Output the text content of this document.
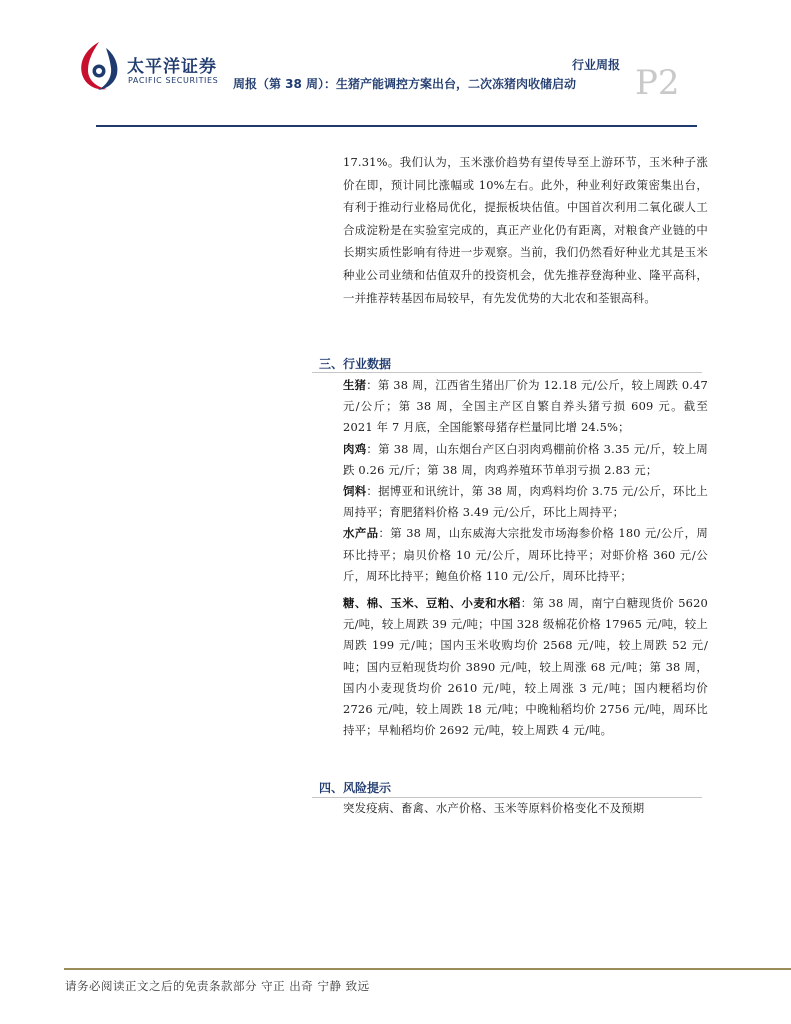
太平洋证券
PACIFIC SECURITIES
行业周报
周报（第 38 周）：生猪产能调控方案出台，二次冻猪肉收储启动 P2
17.31%。我们认为，玉米涨价趋势有望传导至上游环节，玉米种子涨价在即，预计同比涨幅或 10%左右。此外，种业利好政策密集出台，有利于推动行业格局优化，提振板块估值。中国首次利用二氧化碳人工合成淀粉是在实验室完成的，真正产业化仍有距离，对粮食产业链的中长期实质性影响有待进一步观察。当前，我们仍然看好种业尤其是玉米种业公司业绩和估值双升的投资机会，优先推荐登海种业、隆平高科，一并推荐转基因布局较早，有先发优势的大北农和荃银高科。
三、行业数据

生猪：第 38 周，江西省生猪出厂价为 12.18 元/公斤，较上周跌 0.47 元/公斤；第 38 周，全国主产区自繁自养头猪亏损 609 元。截至 2021 年 7 月底，全国能繁母猪存栏量同比增 24.5%；

肉鸡：第 38 周，山东烟台产区白羽肉鸡棚前价格 3.35 元/斤，较上周跌 0.26 元/斤；第 38 周，肉鸡养殖环节单羽亏损 2.83 元；

饲料：据博亚和讯统计，第 38 周，肉鸡料均价 3.75 元/公斤，环比上周持平；育肥猪料价格 3.49 元/公斤，环比上周持平；

水产品：第 38 周，山东威海大宗批发市场海参价格 180 元/公斤，周环比持平；扇贝价格 10 元/公斤，周环比持平；对虾价格 360 元/公斤，周环比持平；鲍鱼价格 110 元/公斤，周环比持平；

糖、棉、玉米、豆粕、小麦和水稻：第 38 周，南宁白糖现货价 5620 元/吨，较上周跌 39 元/吨；中国 328 级棉花价格 17965 元/吨，较上周跌 199 元/吨；国内玉米收购均价 2568 元/吨，较上周跌 52 元/吨；国内豆粕现货均价 3890 元/吨，较上周涨 68 元/吨；第 38 周，国内小麦现货均价 2610 元/吨，较上周涨 3 元/吨；国内粳稻均价 2726 元/吨，较上周跌 18 元/吨；中晚籼稻均价 2756 元/吨，周环比持平；早籼稻均价 2692 元/吨，较上周跌 4 元/吨。

四、风险提示
突发疫病、畜禽、水产价格、玉米等原料价格变化不及预期
请务必阅读正文之后的免责条款部分 守正 出奇 宁静 致远
